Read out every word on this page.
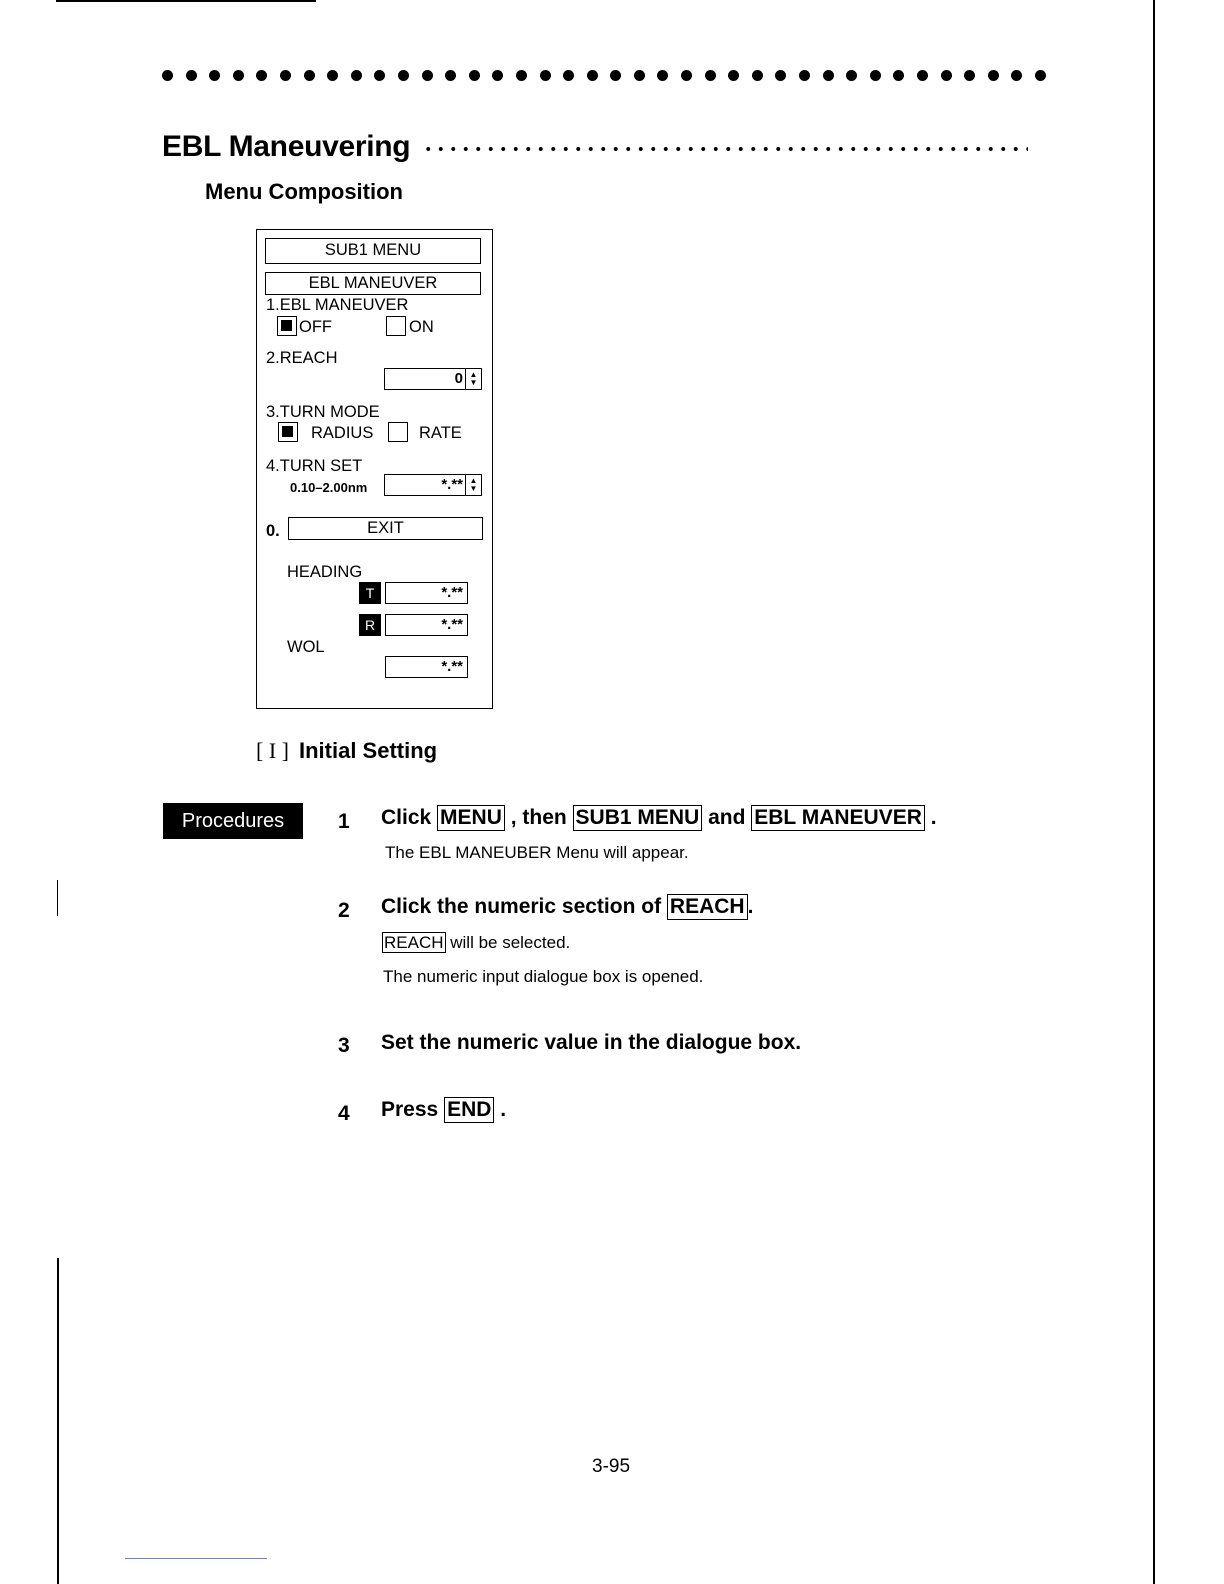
EBL Maneuvering
Menu Composition
SUB1 MENU
EBL MANEUVER
1.EBL MANEUVER
OFF	ON
2.REACH
0 ▲
▼
3.TURN MODE
RADIUS	RATE
4.TURN SET
0.10–2.00nm	*.** ▲
▼
0.	EXIT
HEADING
T	*.**
R	*.**
WOL
*.**
[ I ] Initial Setting
Procedures	1 Click MENU , then SUB1 MENU and EBL MANEUVER .
The EBL MANEUBER Menu will appear.
2 Click the numeric section of REACH .
REACH will be selected.
The numeric input dialogue box is opened.
3 Set the numeric value in the dialogue box.
4 Press END .
3-95
